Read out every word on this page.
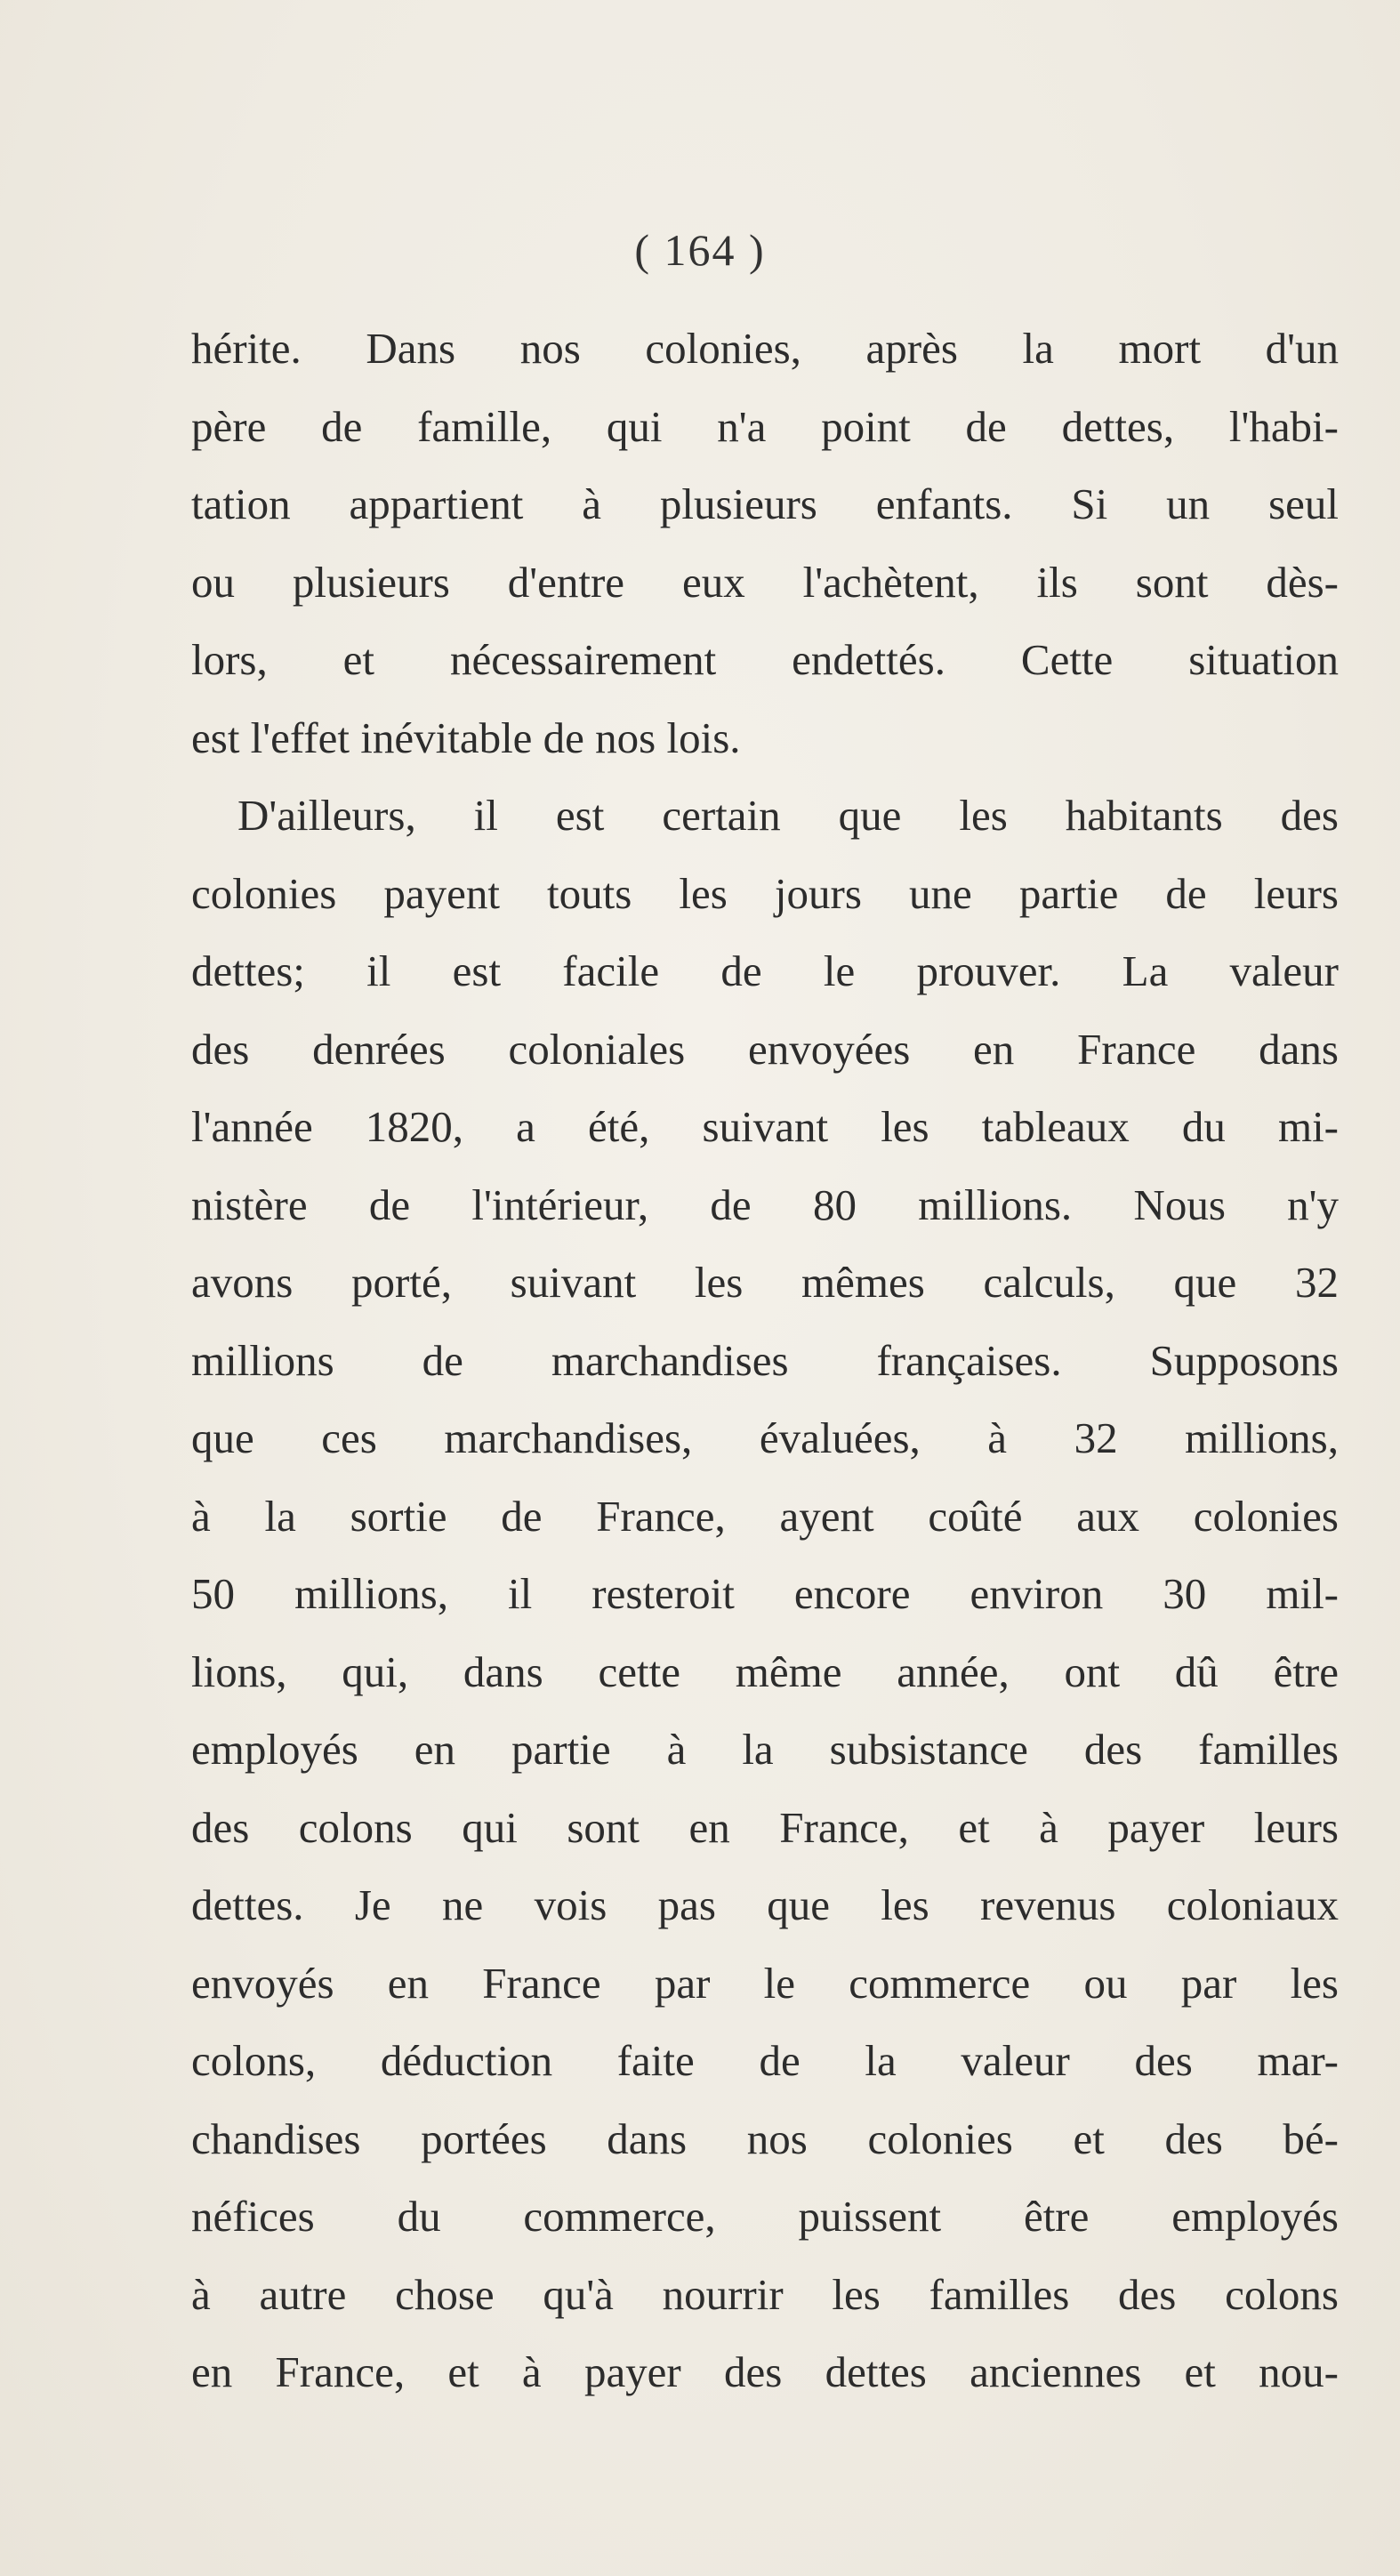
( 164 )
hérite. Dans nos colonies, après la mort d'un
père de famille, qui n'a point de dettes, l'habi-
tation appartient à plusieurs enfants. Si un seul
ou plusieurs d'entre eux l'achètent, ils sont dès-
lors, et nécessairement endettés. Cette situation
est l'effet inévitable de nos lois.
D'ailleurs, il est certain que les habitants des
colonies payent touts les jours une partie de leurs
dettes; il est facile de le prouver. La valeur
des denrées coloniales envoyées en France dans
l'année 1820, a été, suivant les tableaux du mi-
nistère de l'intérieur, de 80 millions. Nous n'y
avons porté, suivant les mêmes calculs, que 32
millions de marchandises françaises. Supposons
que ces marchandises, évaluées, à 32 millions,
à la sortie de France, ayent coûté aux colonies
50 millions, il resteroit encore environ 30 mil-
lions, qui, dans cette même année, ont dû être
employés en partie à la subsistance des familles
des colons qui sont en France, et à payer leurs
dettes. Je ne vois pas que les revenus coloniaux
envoyés en France par le commerce ou par les
colons, déduction faite de la valeur des mar-
chandises portées dans nos colonies et des bé-
néfices du commerce, puissent être employés
à autre chose qu'à nourrir les familles des colons
en France, et à payer des dettes anciennes et nou-
